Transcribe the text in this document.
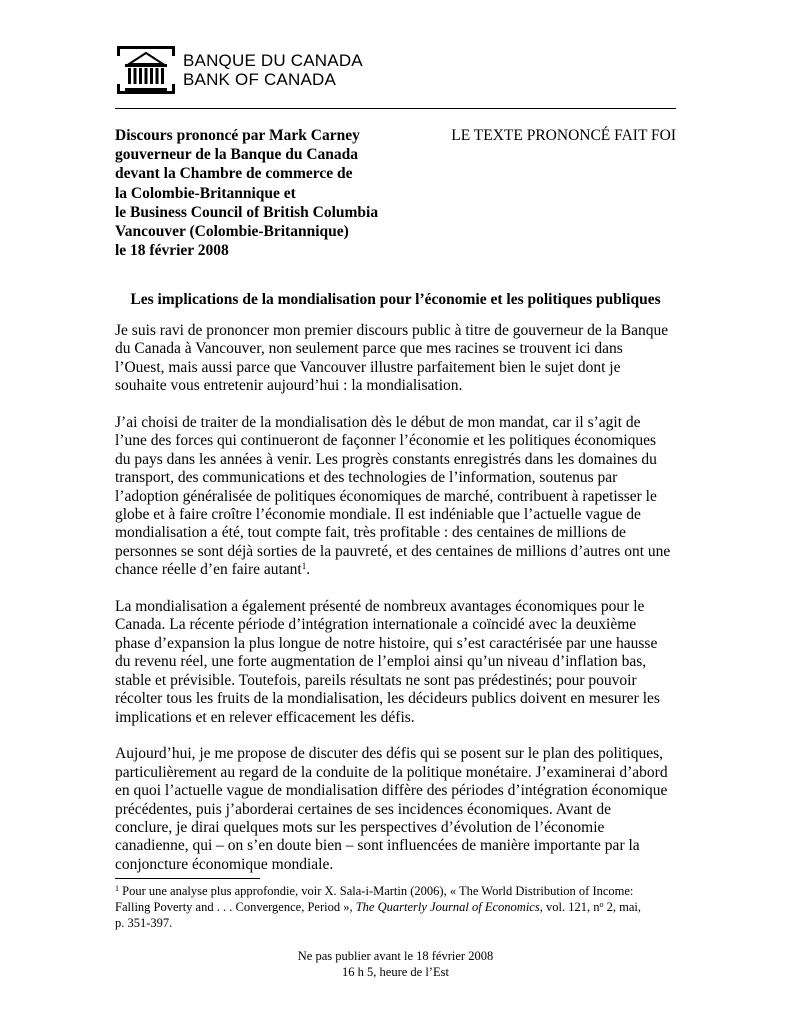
BANQUE DU CANADA
BANK OF CANADA
Discours prononcé par Mark Carney
gouverneur de la Banque du Canada
devant la Chambre de commerce de
la Colombie-Britannique et
le Business Council of British Columbia
Vancouver (Colombie-Britannique)
le 18 février 2008
LE TEXTE PRONONCÉ FAIT FOI
Les implications de la mondialisation pour l’économie et les politiques publiques

Je suis ravi de prononcer mon premier discours public à titre de gouverneur de la Banque
du Canada à Vancouver, non seulement parce que mes racines se trouvent ici dans
l’Ouest, mais aussi parce que Vancouver illustre parfaitement bien le sujet dont je
souhaite vous entretenir aujourd’hui : la mondialisation.

J’ai choisi de traiter de la mondialisation dès le début de mon mandat, car il s’agit de
l’une des forces qui continueront de façonner l’économie et les politiques économiques
du pays dans les années à venir. Les progrès constants enregistrés dans les domaines du
transport, des communications et des technologies de l’information, soutenus par
l’adoption généralisée de politiques économiques de marché, contribuent à rapetisser le
globe et à faire croître l’économie mondiale. Il est indéniable que l’actuelle vague de
mondialisation a été, tout compte fait, très profitable : des centaines de millions de
personnes se sont déjà sorties de la pauvreté, et des centaines de millions d’autres ont une
chance réelle d’en faire autant$^1$.

La mondialisation a également présenté de nombreux avantages économiques pour le
Canada. La récente période d’intégration internationale a coïncidé avec la deuxième
phase d’expansion la plus longue de notre histoire, qui s’est caractérisée par une hausse
du revenu réel, une forte augmentation de l’emploi ainsi qu’un niveau d’inflation bas,
stable et prévisible. Toutefois, pareils résultats ne sont pas prédestinés; pour pouvoir
récolter tous les fruits de la mondialisation, les décideurs publics doivent en mesurer les
implications et en relever efficacement les défis.

Aujourd’hui, je me propose de discuter des défis qui se posent sur le plan des politiques,
particulièrement au regard de la conduite de la politique monétaire. J’examinerai d’abord
en quoi l’actuelle vague de mondialisation diffère des périodes d’intégration économique
précédentes, puis j’aborderai certaines de ses incidences économiques. Avant de
conclure, je dirai quelques mots sur les perspectives d’évolution de l’économie
canadienne, qui – on s’en doute bien – sont influencées de manière importante par la
conjoncture économique mondiale.

$^1$ Pour une analyse plus approfondie, voir X. Sala-i-Martin (2006), « The World Distribution of Income:
Falling Poverty and . . . Convergence, Period », The Quarterly Journal of Economics, vol. 121, $n^o$ 2, mai,
p. 351-397.
Ne pas publier avant le 18 février 2008
16 h 5, heure de l’Est
